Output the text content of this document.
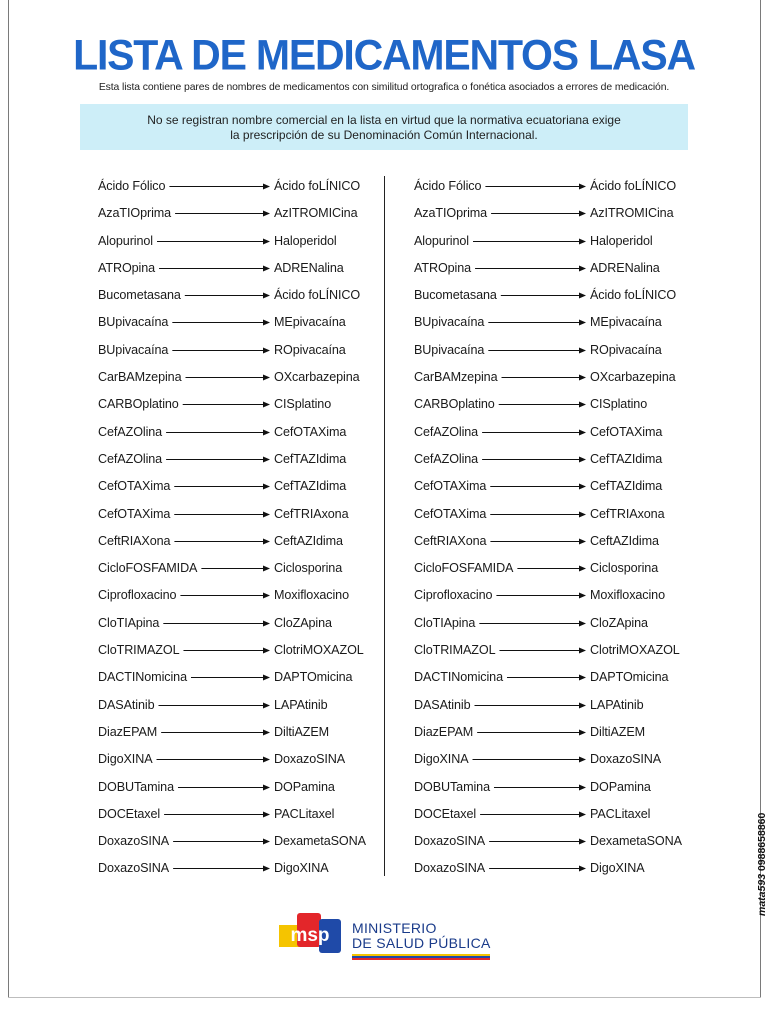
LISTA DE MEDICAMENTOS LASA
Esta lista contiene pares de nombres de medicamentos con similitud ortografica o fonética asociados a errores de medicación.
No se registran nombre comercial en la lista en virtud que la normativa ecuatoriana exige
la prescripción de su Denominación Común Internacional.
Ácido Fólico	Ácido foLÍNICO
AzaTIOprima	AzITROMICina
Alopurinol	Haloperidol
ATROpina	ADRENalina
Bucometasana	Ácido foLÍNICO
BUpivacaína	MEpivacaína
BUpivacaína	ROpivacaína
CarBAMzepina	OXcarbazepina
CARBOplatino	CISplatino
CefAZOlina	CefOTAXima
CefAZOlina	CefTAZIdima
CefOTAXima	CefTAZIdima
CefOTAXima	CefTRIAxona
CeftRIAXona	CeftAZIdima
CicloFOSFAMIDA	Ciclosporina
Ciprofloxacino	Moxifloxacino
CloTIApina	CloZApina
CloTRIMAZOL	ClotriMOXAZOL
DACTINomicina	DAPTOmicina
DASAtinib	LAPAtinib
DiazEPAM	DiltiAZEM
DigoXINA	DoxazoSINA
DOBUTamina	DOPamina
DOCEtaxel	PACLitaxel
DoxazoSINA	DexametaSONA
DoxazoSINA	DigoXINA
Ácido Fólico	Ácido foLÍNICO
AzaTIOprima	AzITROMICina
Alopurinol	Haloperidol
ATROpina	ADRENalina
Bucometasana	Ácido foLÍNICO
BUpivacaína	MEpivacaína
BUpivacaína	ROpivacaína
CarBAMzepina	OXcarbazepina
CARBOplatino	CISplatino
CefAZOlina	CefOTAXima
CefAZOlina	CefTAZIdima
CefOTAXima	CefTAZIdima
CefOTAXima	CefTRIAxona
CeftRIAXona	CeftAZIdima
CicloFOSFAMIDA	Ciclosporina
Ciprofloxacino	Moxifloxacino
CloTIApina	CloZApina
CloTRIMAZOL	ClotriMOXAZOL
DACTINomicina	DAPTOmicina
DASAtinib	LAPAtinib
DiazEPAM	DiltiAZEM
DigoXINA	DoxazoSINA
DOBUTamina	DOPamina
DOCEtaxel	PACLitaxel
DoxazoSINA	DexametaSONA
DoxazoSINA	DigoXINA
msp MINISTERIO
DE SALUD PÚBLICA
mata593 0988658860
